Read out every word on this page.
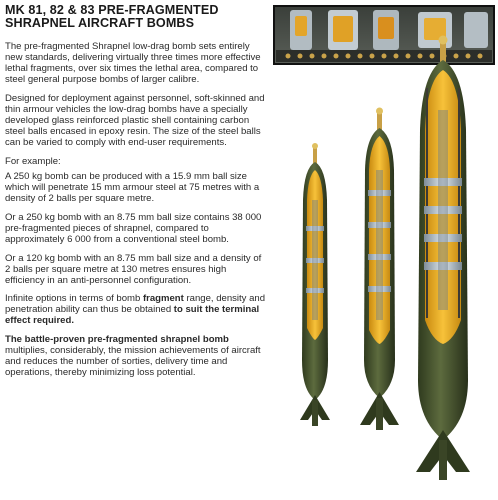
MK 81, 82 & 83 PRE-FRAGMENTED
SHRAPNEL AIRCRAFT BOMBS

The pre-fragmented Shrapnel low-drag bomb sets entirely new standards, delivering virtually three times more effective lethal fragments, over six times the lethal area, compared to steel general purpose bombs of larger calibre.

Designed for deployment against personnel, soft-skinned and thin armour vehicles the low-drag bombs have a specially developed glass reinforced plastic shell containing carbon steel balls encased in epoxy resin. The size of the steel balls can be varied to comply with end-user requirements.

For example:

A 250 kg bomb can be produced with a 15.9 mm ball size which will penetrate 15 mm armour steel at 75 metres with a density of 2 balls per square metre.

Or a 250 kg bomb with an 8.75 mm ball size contains 38 000 pre-fragmented pieces of shrapnel, compared to approximately 6 000 from a conventional steel bomb.

Or a 120 kg bomb with an 8.75 mm ball size and a density of 2 balls per square metre at 130 metres ensures high efficiency in an anti-personnel configuration.

Infinite options in terms of bomb fragment range, density and penetration ability can thus be obtained to suit the terminal effect required.

The battle-proven pre-fragmented shrapnel bomb multiplies, considerably, the mission achievements of aircraft and reduces the number of sorties, delivery time and operations, thereby minimizing loss potential.
